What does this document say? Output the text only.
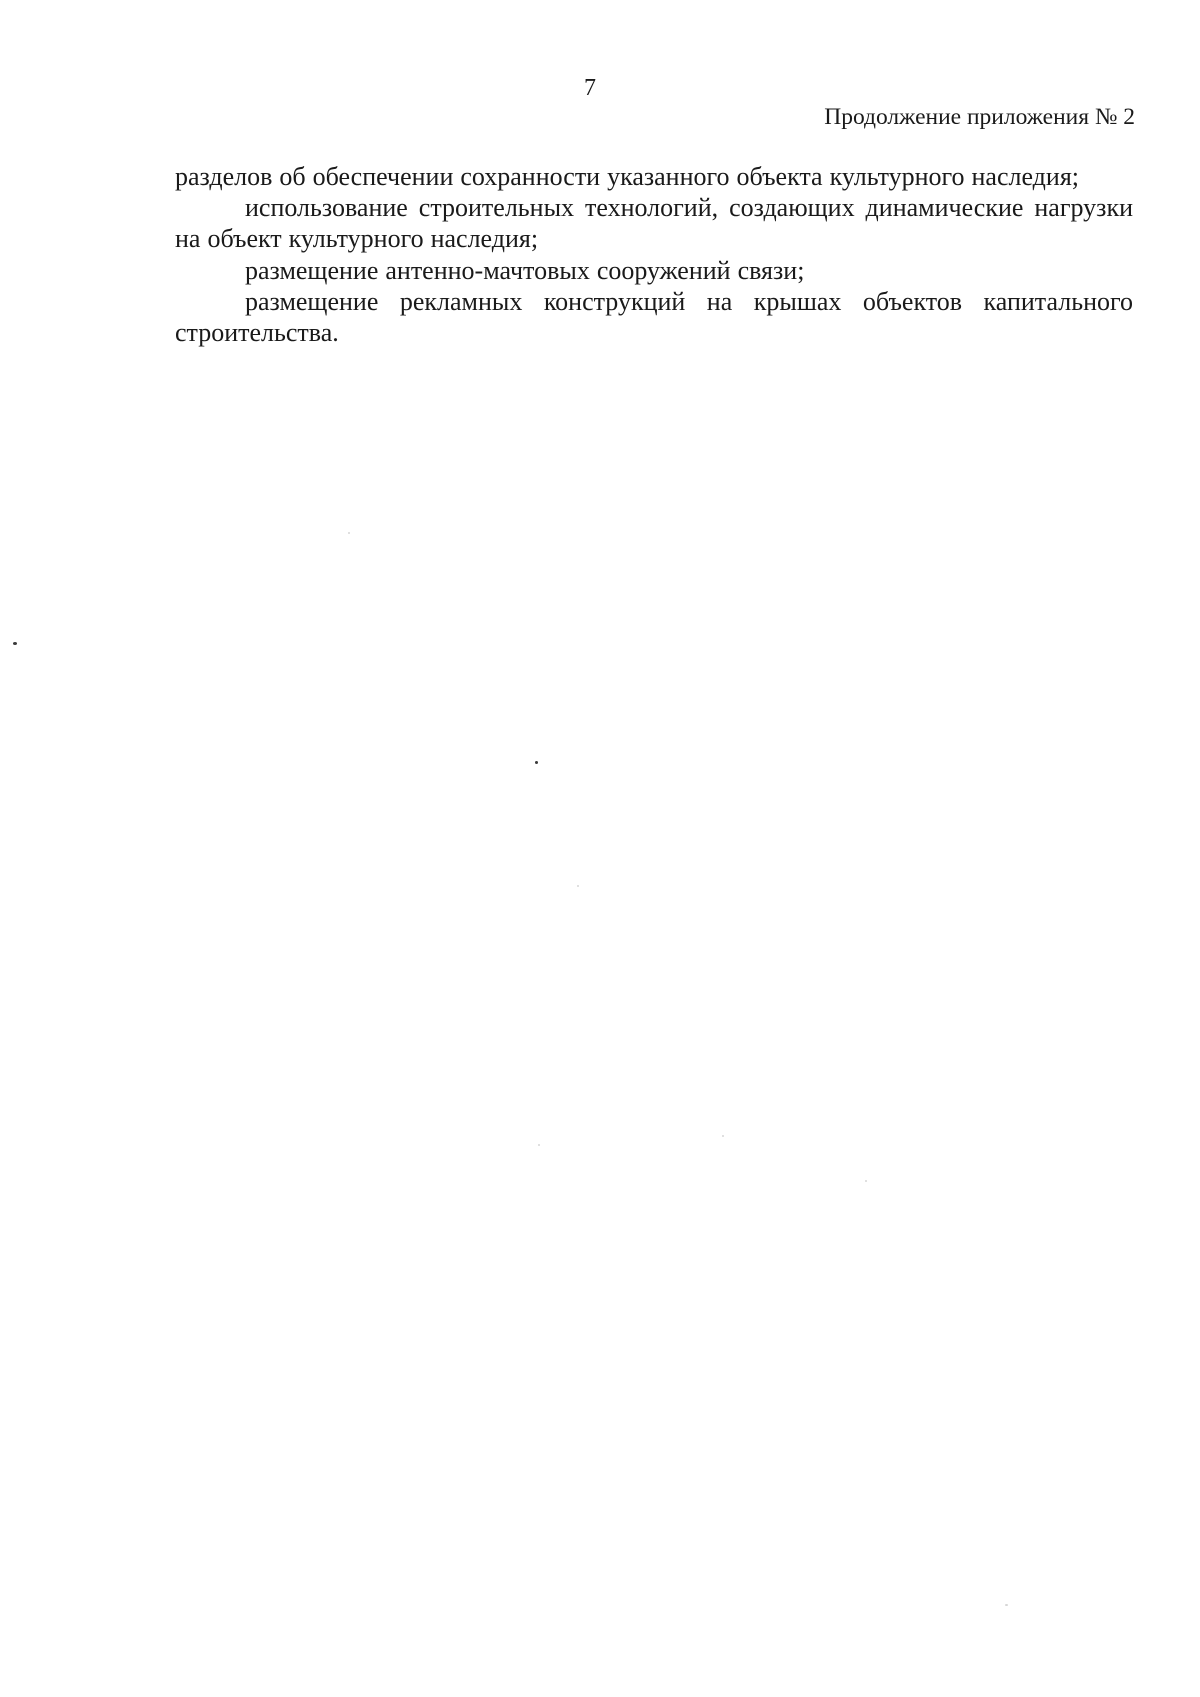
7
Продолжение приложения № 2

разделов об обеспечении сохранности указанного объекта культурного наследия;

использование строительных технологий, создающих динамические нагрузки на объект культурного наследия;

размещение антенно-мачтовых сооружений связи;

размещение рекламных конструкций на крышах объектов капитального строительства.
